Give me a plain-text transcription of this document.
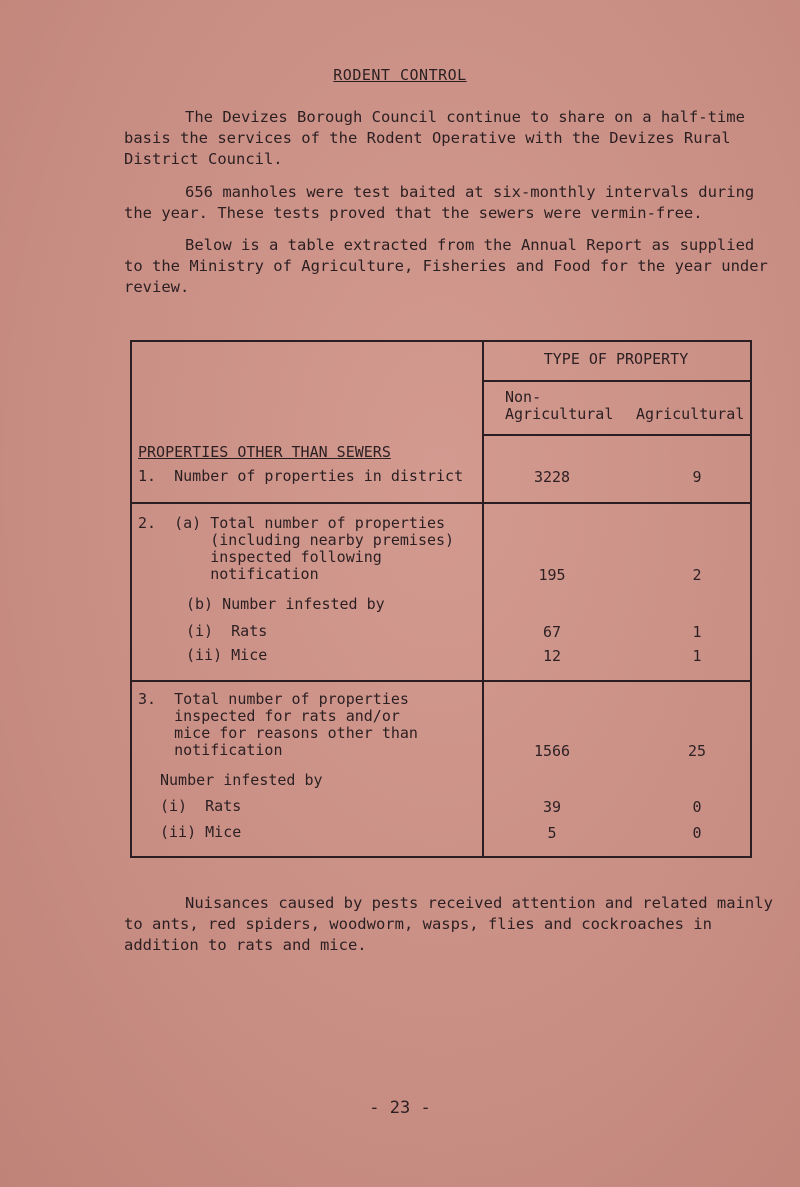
RODENT CONTROL

The Devizes Borough Council continue to share on a half-time basis the services of the Rodent Operative with the Devizes Rural District Council.

656 manholes were test baited at six-monthly intervals during the year. These tests proved that the sewers were vermin-free.

Below is a table extracted from the Annual Report as supplied to the Ministry of Agriculture, Fisheries and Food for the year under review.

TYPE OF PROPERTY
Non-
Agricultural Agricultural
PROPERTIES OTHER THAN SEWERS
1.  Number of properties in district	3228	9
2.  (a) Total number of properties
(including nearby premises)
inspected following
notification	195	2
(b) Number infested by
(i)  Rats	67	1
(ii) Mice	12	1
3.  Total number of properties
inspected for rats and/or
mice for reasons other than
notification	1566	25
Number infested by
(i)  Rats	39	0
(ii) Mice	5	0

Nuisances caused by pests received attention and related mainly to ants, red spiders, woodworm, wasps, flies and cockroaches in addition to rats and mice.

- 23 -
